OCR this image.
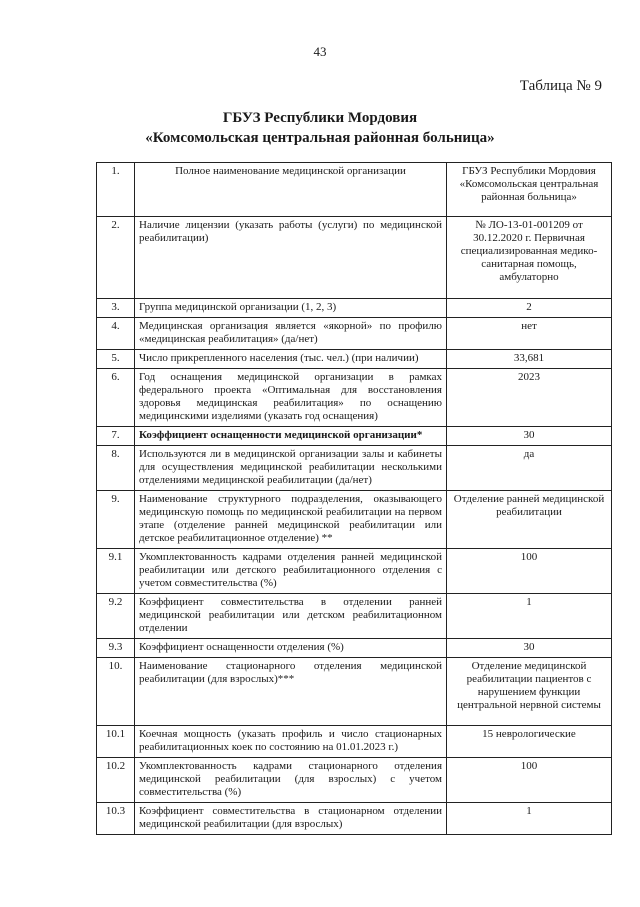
43
Таблица № 9
ГБУЗ Республики Мордовия
«Комсомольская центральная районная больница»
1.	Полное наименование медицинской организации	ГБУЗ Республики Мордовия «Комсомольская центральная районная больница»
2.	Наличие лицензии (указать работы (услуги) по медицинской реабилитации)	№ ЛО-13-01-001209 от 30.12.2020 г. Первичная специализированная медико-санитарная помощь, амбулаторно
3.	Группа медицинской организации (1, 2, 3)	2
4.	Медицинская организация является «якорной» по профилю «медицинская реабилитация» (да/нет)	нет
5.	Число прикрепленного населения (тыс. чел.) (при наличии)	33,681
6.	Год оснащения медицинской организации в рамках федерального проекта «Оптимальная для восстановления здоровья медицинская реабилитация» по оснащению медицинскими изделиями (указать год оснащения)	2023
7.	Коэффициент оснащенности медицинской организации*	30
8.	Используются ли в медицинской организации залы и кабинеты для осуществления медицинской реабилитации несколькими отделениями медицинской реабилитации (да/нет)	да
9.	Наименование структурного подразделения, оказывающего медицинскую помощь по медицинской реабилитации на первом этапе (отделение ранней медицинской реабилитации или детское реабилитационное отделение) **	Отделение ранней медицинской реабилитации
9.1	Укомплектованность кадрами отделения ранней медицинской реабилитации или детского реабилитационного отделения с учетом совместительства (%)	100
9.2	Коэффициент совместительства в отделении ранней медицинской реабилитации или детском реабилитационном отделении	1
9.3	Коэффициент оснащенности отделения (%)	30
10.	Наименование стационарного отделения медицинской реабилитации (для взрослых)***	Отделение медицинской реабилитации пациентов с нарушением функции центральной нервной системы
10.1	Коечная мощность (указать профиль и число стационарных реабилитационных коек по состоянию на 01.01.2023 г.)	15 неврологические
10.2	Укомплектованность кадрами стационарного отделения медицинской реабилитации (для взрослых) с учетом совместительства (%)	100
10.3	Коэффициент совместительства в стационарном отделении медицинской реабилитации (для взрослых)	1
